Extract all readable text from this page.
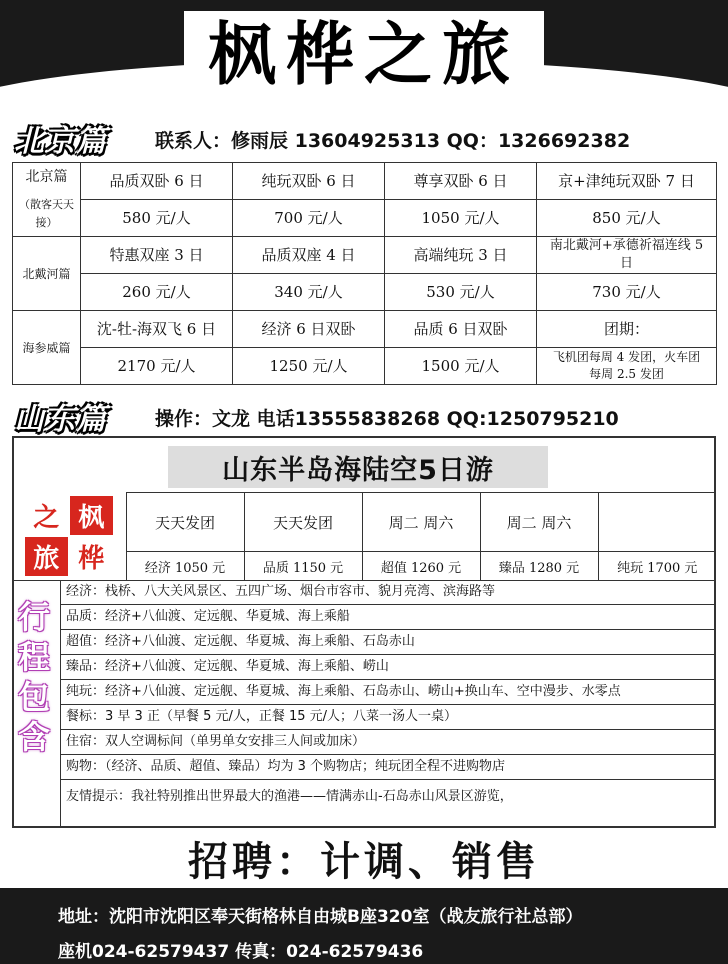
枫桦之旅
北京篇	联系人：修雨辰 13604925313 QQ：1326692382
北京篇
（散客天天接）	品质双卧 6 日	纯玩双卧 6 日	尊享双卧 6 日	京+津纯玩双卧 7 日
	580 元/人	700 元/人	1050 元/人	850 元/人
北戴河篇	特惠双座 3 日	品质双座 4 日	高端纯玩 3 日	南北戴河+承德祈福连线 5 日
	260 元/人	340 元/人	530 元/人	730 元/人
海参威篇	沈-牡-海双飞 6 日	经济 6 日双卧	品质 6 日双卧	团期：
	2170 元/人	1250 元/人	1500 元/人	飞机团每周 4 发团，火车团每周 2.5 发团
山东篇	操作：文龙 电话13555838268 QQ:1250795210
山东半岛海陆空5日游
之 枫
旅 桦	天天发团	天天发团	周二 周六	周二 周六	
	经济 1050 元	品质 1150 元	超值 1260 元	臻品 1280 元	纯玩 1700 元
行
程
包
含
经济：栈桥、八大关风景区、五四广场、烟台市容市、貌月亮湾、滨海路等
品质：经济+八仙渡、定远舰、华夏城、海上乘船
超值：经济+八仙渡、定远舰、华夏城、海上乘船、石岛赤山
臻品：经济+八仙渡、定远舰、华夏城、海上乘船、崂山
纯玩：经济+八仙渡、定远舰、华夏城、海上乘船、石岛赤山、崂山+换山车、空中漫步、水零点
餐标：3 早 3 正（早餐 5 元/人，正餐 15 元/人；八菜一汤人一桌）
住宿：双人空调标间（单男单女安排三人间或加床）
购物：（经济、品质、超值、臻品）均为 3 个购物店；纯玩团全程不进购物店
友情提示：我社特别推出世界最大的渔港——情满赤山-石岛赤山风景区游览，
招聘：计调、销售
地址：沈阳市沈阳区奉天街格林自由城B座320室（战友旅行社总部）
座机024-62579437 传真：024-62579436
